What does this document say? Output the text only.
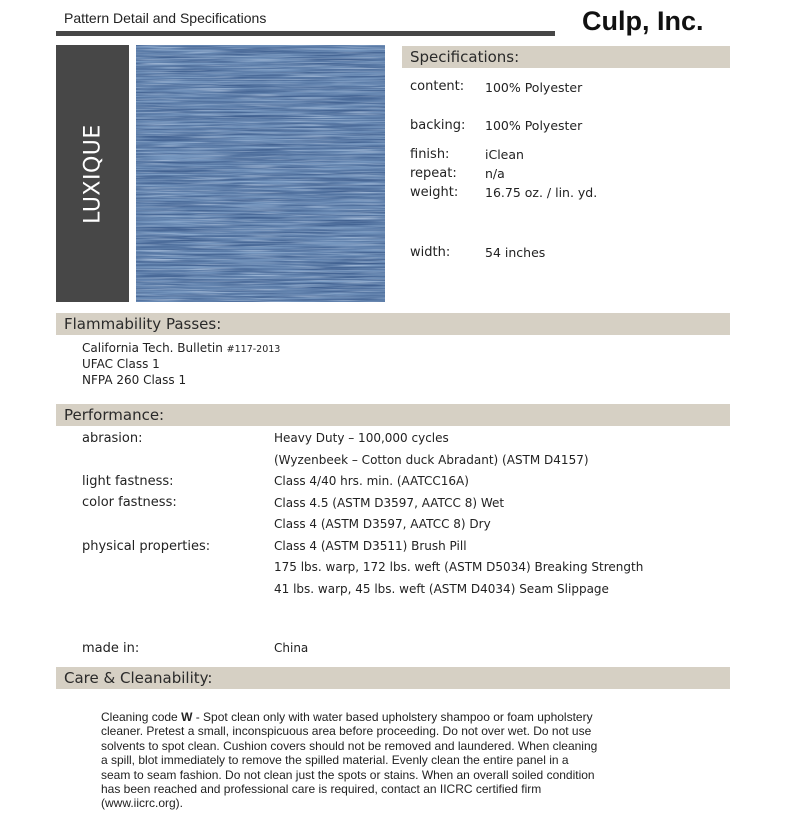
Pattern Detail and Specifications	Culp, Inc.
LUXIQUE
Specifications:
content: 100% Polyester
backing: 100% Polyester
finish:	iClean
repeat: n/a
weight: 16.75 oz. / lin. yd.
width:	54 inches
Flammability Passes:
California Tech. Bulletin #117-2013
UFAC Class 1
NFPA 260 Class 1
Performance:
abrasion:	Heavy Duty – 100,000 cycles
(Wyzenbeek – Cotton duck Abradant) (ASTM D4157)
light fastness:	Class 4/40 hrs. min. (AATCC16A)
color fastness:	Class 4.5 (ASTM D3597, AATCC 8) Wet
Class 4 (ASTM D3597, AATCC 8) Dry
physical properties:	Class 4 (ASTM D3511) Brush Pill
175 lbs. warp, 172 lbs. weft (ASTM D5034) Breaking Strength
41 lbs. warp, 45 lbs. weft (ASTM D4034) Seam Slippage
made in:	China
Care & Cleanability:
Cleaning code W - Spot clean only with water based upholstery shampoo or foam upholstery
cleaner. Pretest a small, inconspicuous area before proceeding. Do not over wet. Do not use
solvents to spot clean. Cushion covers should not be removed and laundered. When cleaning
a spill, blot immediately to remove the spilled material. Evenly clean the entire panel in a
seam to seam fashion. Do not clean just the spots or stains. When an overall soiled condition
has been reached and professional care is required, contact an IICRC certified firm
(www.iicrc.org).
